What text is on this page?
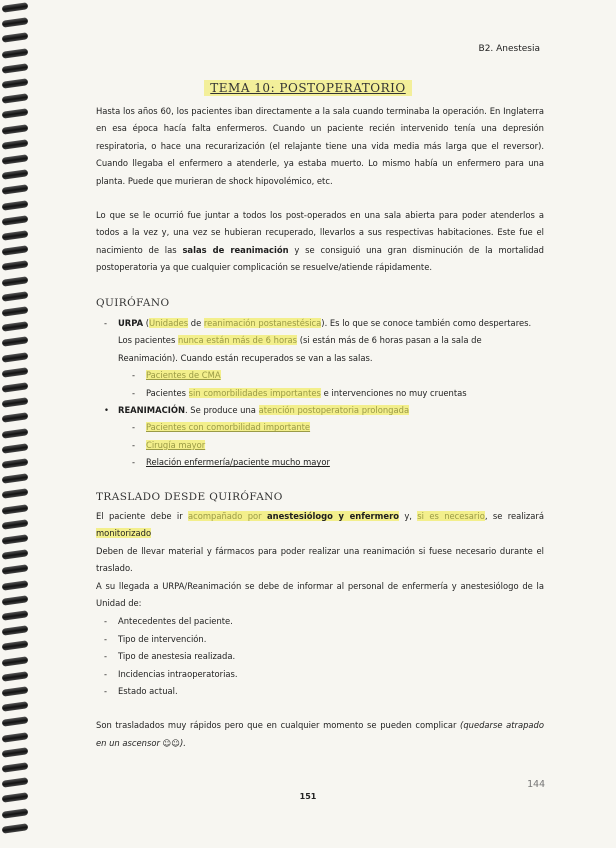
B2. Anestesia
TEMA 10: POSTOPERATORIO

Hasta los años 60, los pacientes iban directamente a la sala cuando terminaba la operación. En Inglaterra en esa época hacía falta enfermeros. Cuando un paciente recién intervenido tenía una depresión respiratoria, o hace una recurarización (el relajante tiene una vida media más larga que el reversor). Cuando llegaba el enfermero a atenderle, ya estaba muerto. Lo mismo había un enfermero para una planta. Puede que murieran de shock hipovolémico, etc.

Lo que se le ocurrió fue juntar a todos los post-operados en una sala abierta para poder atenderlos a todos a la vez y, una vez se hubieran recuperado, llevarlos a sus respectivas habitaciones. Este fue el nacimiento de las salas de reanimación y se consiguió una gran disminución de la mortalidad postoperatoria ya que cualquier complicación se resuelve/atiende rápidamente.

QUIRÓFANO
- URPA (Unidades de reanimación postanestésica). Es lo que se conoce también como despertares. Los pacientes nunca están más de 6 horas (si están más de 6 horas pasan a la sala de Reanimación). Cuando están recuperados se van a las salas.
- Pacientes de CMA
- Pacientes sin comorbilidades importantes e intervenciones no muy cruentas
• REANIMACIÓN. Se produce una atención postoperatoria prolongada
- Pacientes con comorbilidad importante
- Cirugía mayor
- Relación enfermería/paciente mucho mayor
TRASLADO DESDE QUIRÓFANO

El paciente debe ir acompañado por anestesiólogo y enfermero y, si es necesario, se realizará monitorizado

Deben de llevar material y fármacos para poder realizar una reanimación si fuese necesario durante el traslado.

A su llegada a URPA/Reanimación se debe de informar al personal de enfermería y anestesiólogo de la Unidad de:

- Antecedentes del paciente.
- Tipo de intervención.
- Tipo de anestesia realizada.
- Incidencias intraoperatorias.
- Estado actual.

Son trasladados muy rápidos pero que en cualquier momento se pueden complicar (quedarse atrapado en un ascensor ☺☺).

144
151
